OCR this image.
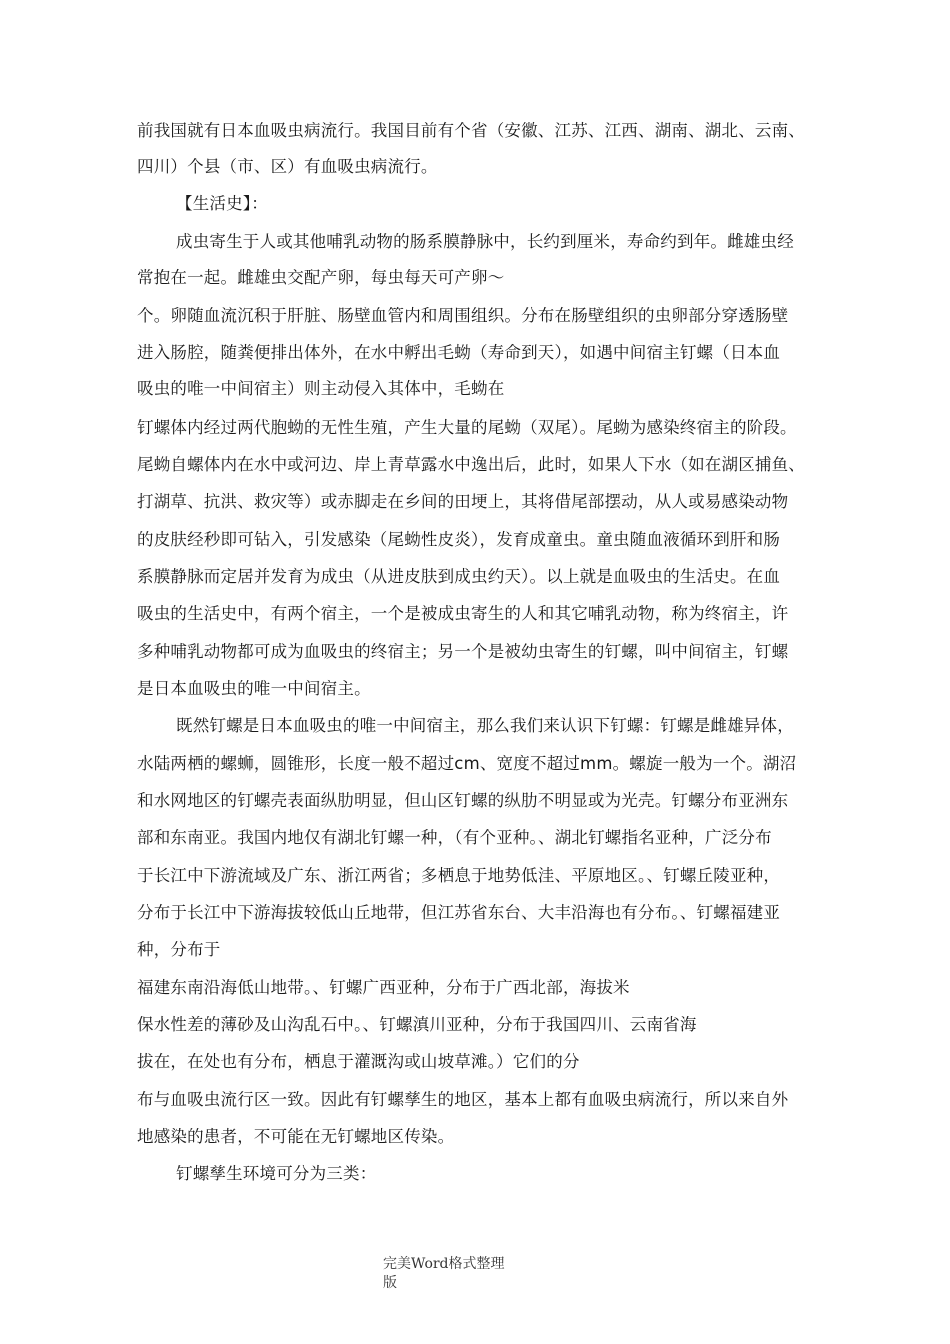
前我国就有日本血吸虫病流行。我国目前有个省（安徽、江苏、江西、湖南、湖北、云南、
四川）个县（市、区）有血吸虫病流行。
【生活史】：
成虫寄生于人或其他哺乳动物的肠系膜静脉中，长约到厘米，寿命约到年。雌雄虫经
常抱在一起。雌雄虫交配产卵，每虫每天可产卵～
个。卵随血流沉积于肝脏、肠壁血管内和周围组织。分布在肠壁组织的虫卵部分穿透肠壁
进入肠腔，随粪便排出体外，在水中孵出毛蚴（寿命到天），如遇中间宿主钉螺（日本血
吸虫的唯一中间宿主）则主动侵入其体中，毛蚴在
钉螺体内经过两代胞蚴的无性生殖，产生大量的尾蚴（双尾）。尾蚴为感染终宿主的阶段。
尾蚴自螺体内在水中或河边、岸上青草露水中逸出后，此时，如果人下水（如在湖区捕鱼、
打湖草、抗洪、救灾等）或赤脚走在乡间的田埂上，其将借尾部摆动，从人或易感染动物
的皮肤经秒即可钻入，引发感染（尾蚴性皮炎），发育成童虫。童虫随血液循环到肝和肠
系膜静脉而定居并发育为成虫（从进皮肤到成虫约天）。以上就是血吸虫的生活史。在血
吸虫的生活史中，有两个宿主，一个是被成虫寄生的人和其它哺乳动物，称为终宿主，许
多种哺乳动物都可成为血吸虫的终宿主；另一个是被幼虫寄生的钉螺，叫中间宿主，钉螺
是日本血吸虫的唯一中间宿主。
既然钉螺是日本血吸虫的唯一中间宿主，那么我们来认识下钉螺：钉螺是雌雄异体，
水陆两栖的螺蛳，圆锥形，长度一般不超过cm、宽度不超过mm。螺旋一般为一个。湖沼
和水网地区的钉螺壳表面纵肋明显，但山区钉螺的纵肋不明显或为光壳。钉螺分布亚洲东
部和东南亚。我国内地仅有湖北钉螺一种，（有个亚种。、湖北钉螺指名亚种，广泛分布
于长江中下游流域及广东、浙江两省；多栖息于地势低洼、平原地区。、钉螺丘陵亚种，
分布于长江中下游海拔较低山丘地带，但江苏省东台、大丰沿海也有分布。、钉螺福建亚
种，分布于
福建东南沿海低山地带。、钉螺广西亚种，分布于广西北部，海拔米
保水性差的薄砂及山沟乱石中。、钉螺滇川亚种，分布于我国四川、云南省海
拔在，在处也有分布，栖息于灌溉沟或山坡草滩。）它们的分
布与血吸虫流行区一致。因此有钉螺孳生的地区，基本上都有血吸虫病流行，所以来自外
地感染的患者，不可能在无钉螺地区传染。
钉螺孳生环境可分为三类：
完美Word格式整理
版
